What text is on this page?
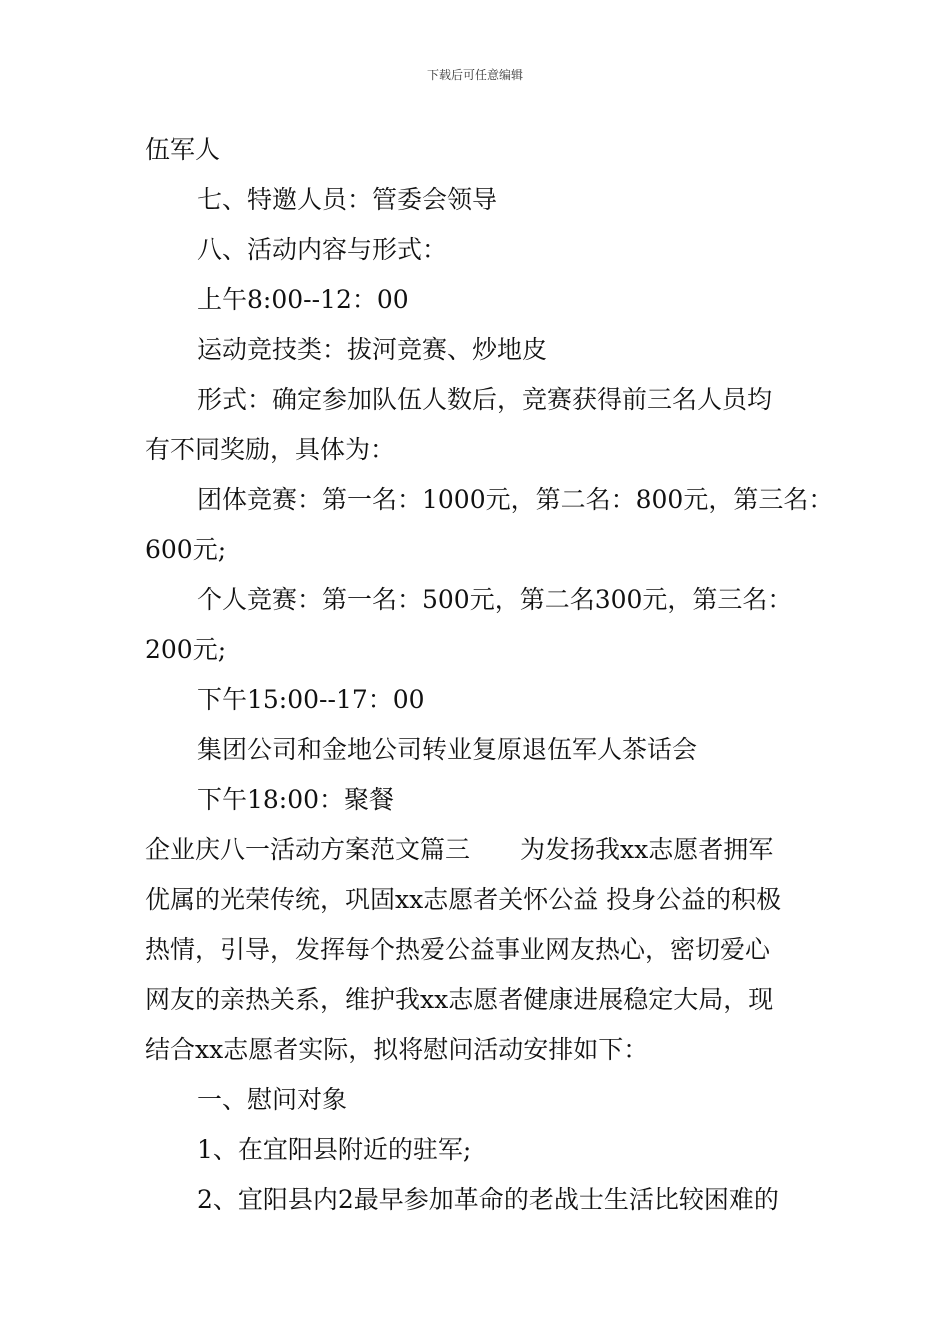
下载后可任意编辑
伍军人
七、特邀人员：管委会领导
八、活动内容与形式：
上午8:00--12：00
运动竞技类：拔河竞赛、炒地皮
形式：确定参加队伍人数后，竞赛获得前三名人员均
有不同奖励，具体为：
团体竞赛：第一名：1000元，第二名：800元，第三名：
600元;
个人竞赛：第一名：500元，第二名300元，第三名：
200元;
下午15:00--17：00
集团公司和金地公司转业复原退伍军人茶话会
下午18:00：聚餐
企业庆八一活动方案范文篇三　　为发扬我xx志愿者拥军
优属的光荣传统，巩固xx志愿者关怀公益 投身公益的积极
热情，引导，发挥每个热爱公益事业网友热心，密切爱心
网友的亲热关系，维护我xx志愿者健康进展稳定大局，现
结合xx志愿者实际，拟将慰问活动安排如下：
一、慰问对象
1、在宜阳县附近的驻军;
2、宜阳县内2最早参加革命的老战士生活比较困难的
